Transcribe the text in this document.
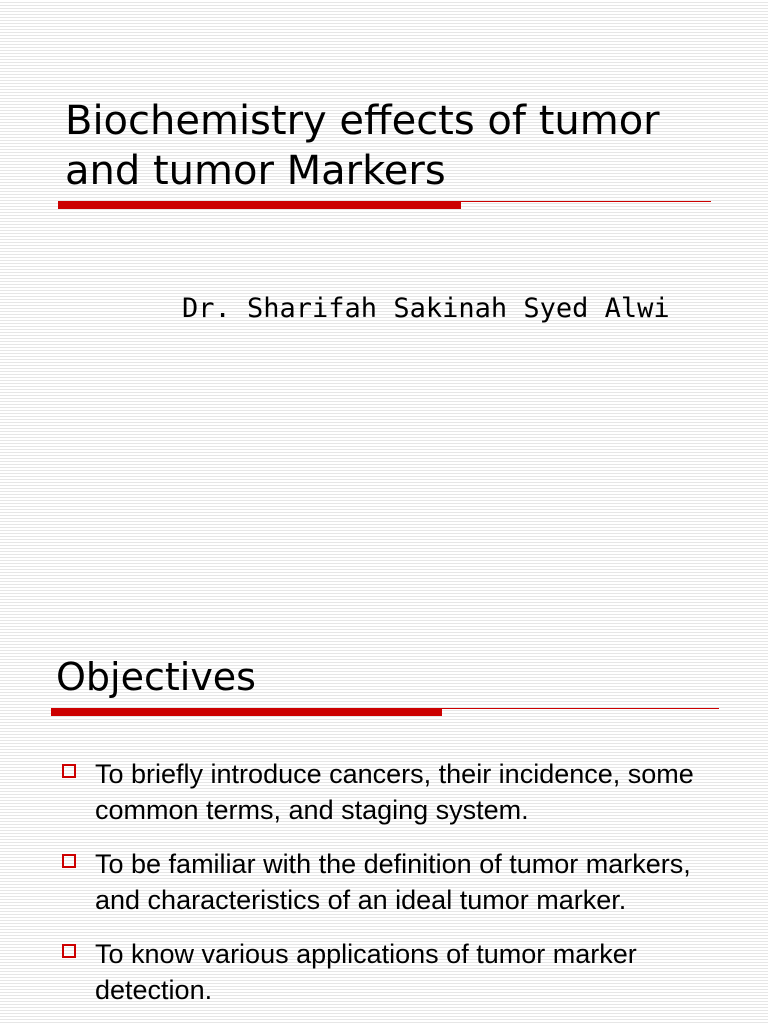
Biochemistry effects of tumor and tumor Markers
Dr. Sharifah Sakinah Syed Alwi
Objectives
To briefly introduce cancers, their incidence, some common terms, and staging system.
To be familiar with the definition of tumor markers, and characteristics of an ideal tumor marker.
To know various applications of tumor marker detection.
